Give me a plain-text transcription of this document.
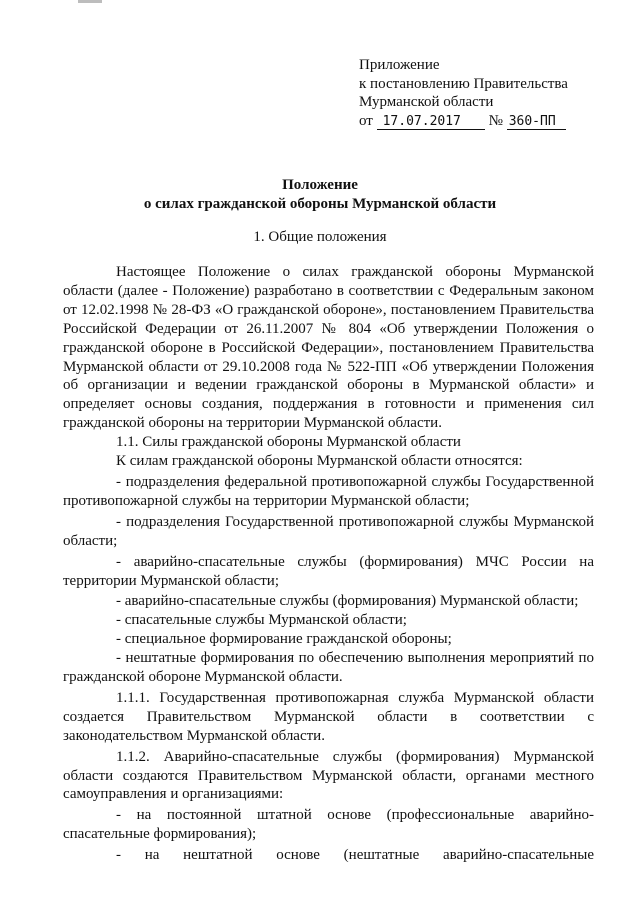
Приложение
к постановлению Правительства
Мурманской области
от 17.07.2017 № 360-ПП
Положение
о силах гражданской обороны Мурманской области
1. Общие положения

Настоящее Положение о силах гражданской обороны Мурманской области (далее - Положение) разработано в соответствии с Федеральным законом от 12.02.1998 № 28-ФЗ «О гражданской обороне», постановлением Правительства Российской Федерации от 26.11.2007 № 804 «Об утверждении Положения о гражданской обороне в Российской Федерации», постановлением Правительства Мурманской области от 29.10.2008 года № 522-ПП «Об утверждении Положения об организации и ведении гражданской обороны в Мурманской области» и определяет основы создания, поддержания в готовности и применения сил гражданской обороны на территории Мурманской области.

1.1. Силы гражданской обороны Мурманской области

К силам гражданской обороны Мурманской области относятся:

- подразделения федеральной противопожарной службы Государственной противопожарной службы на территории Мурманской области;

- подразделения Государственной противопожарной службы Мурманской области;

- аварийно-спасательные службы (формирования) МЧС России на территории Мурманской области;

- аварийно-спасательные службы (формирования) Мурманской области;

- спасательные службы Мурманской области;

- специальное формирование гражданской обороны;

- нештатные формирования по обеспечению выполнения мероприятий по гражданской обороне Мурманской области.

1.1.1. Государственная противопожарная служба Мурманской области создается Правительством Мурманской области в соответствии с законодательством Мурманской области.

1.1.2. Аварийно-спасательные службы (формирования) Мурманской области создаются Правительством Мурманской области, органами местного самоуправления и организациями:

- на постоянной штатной основе (профессиональные аварийно-спасательные формирования);

- на нештатной основе (нештатные аварийно-спасательные
